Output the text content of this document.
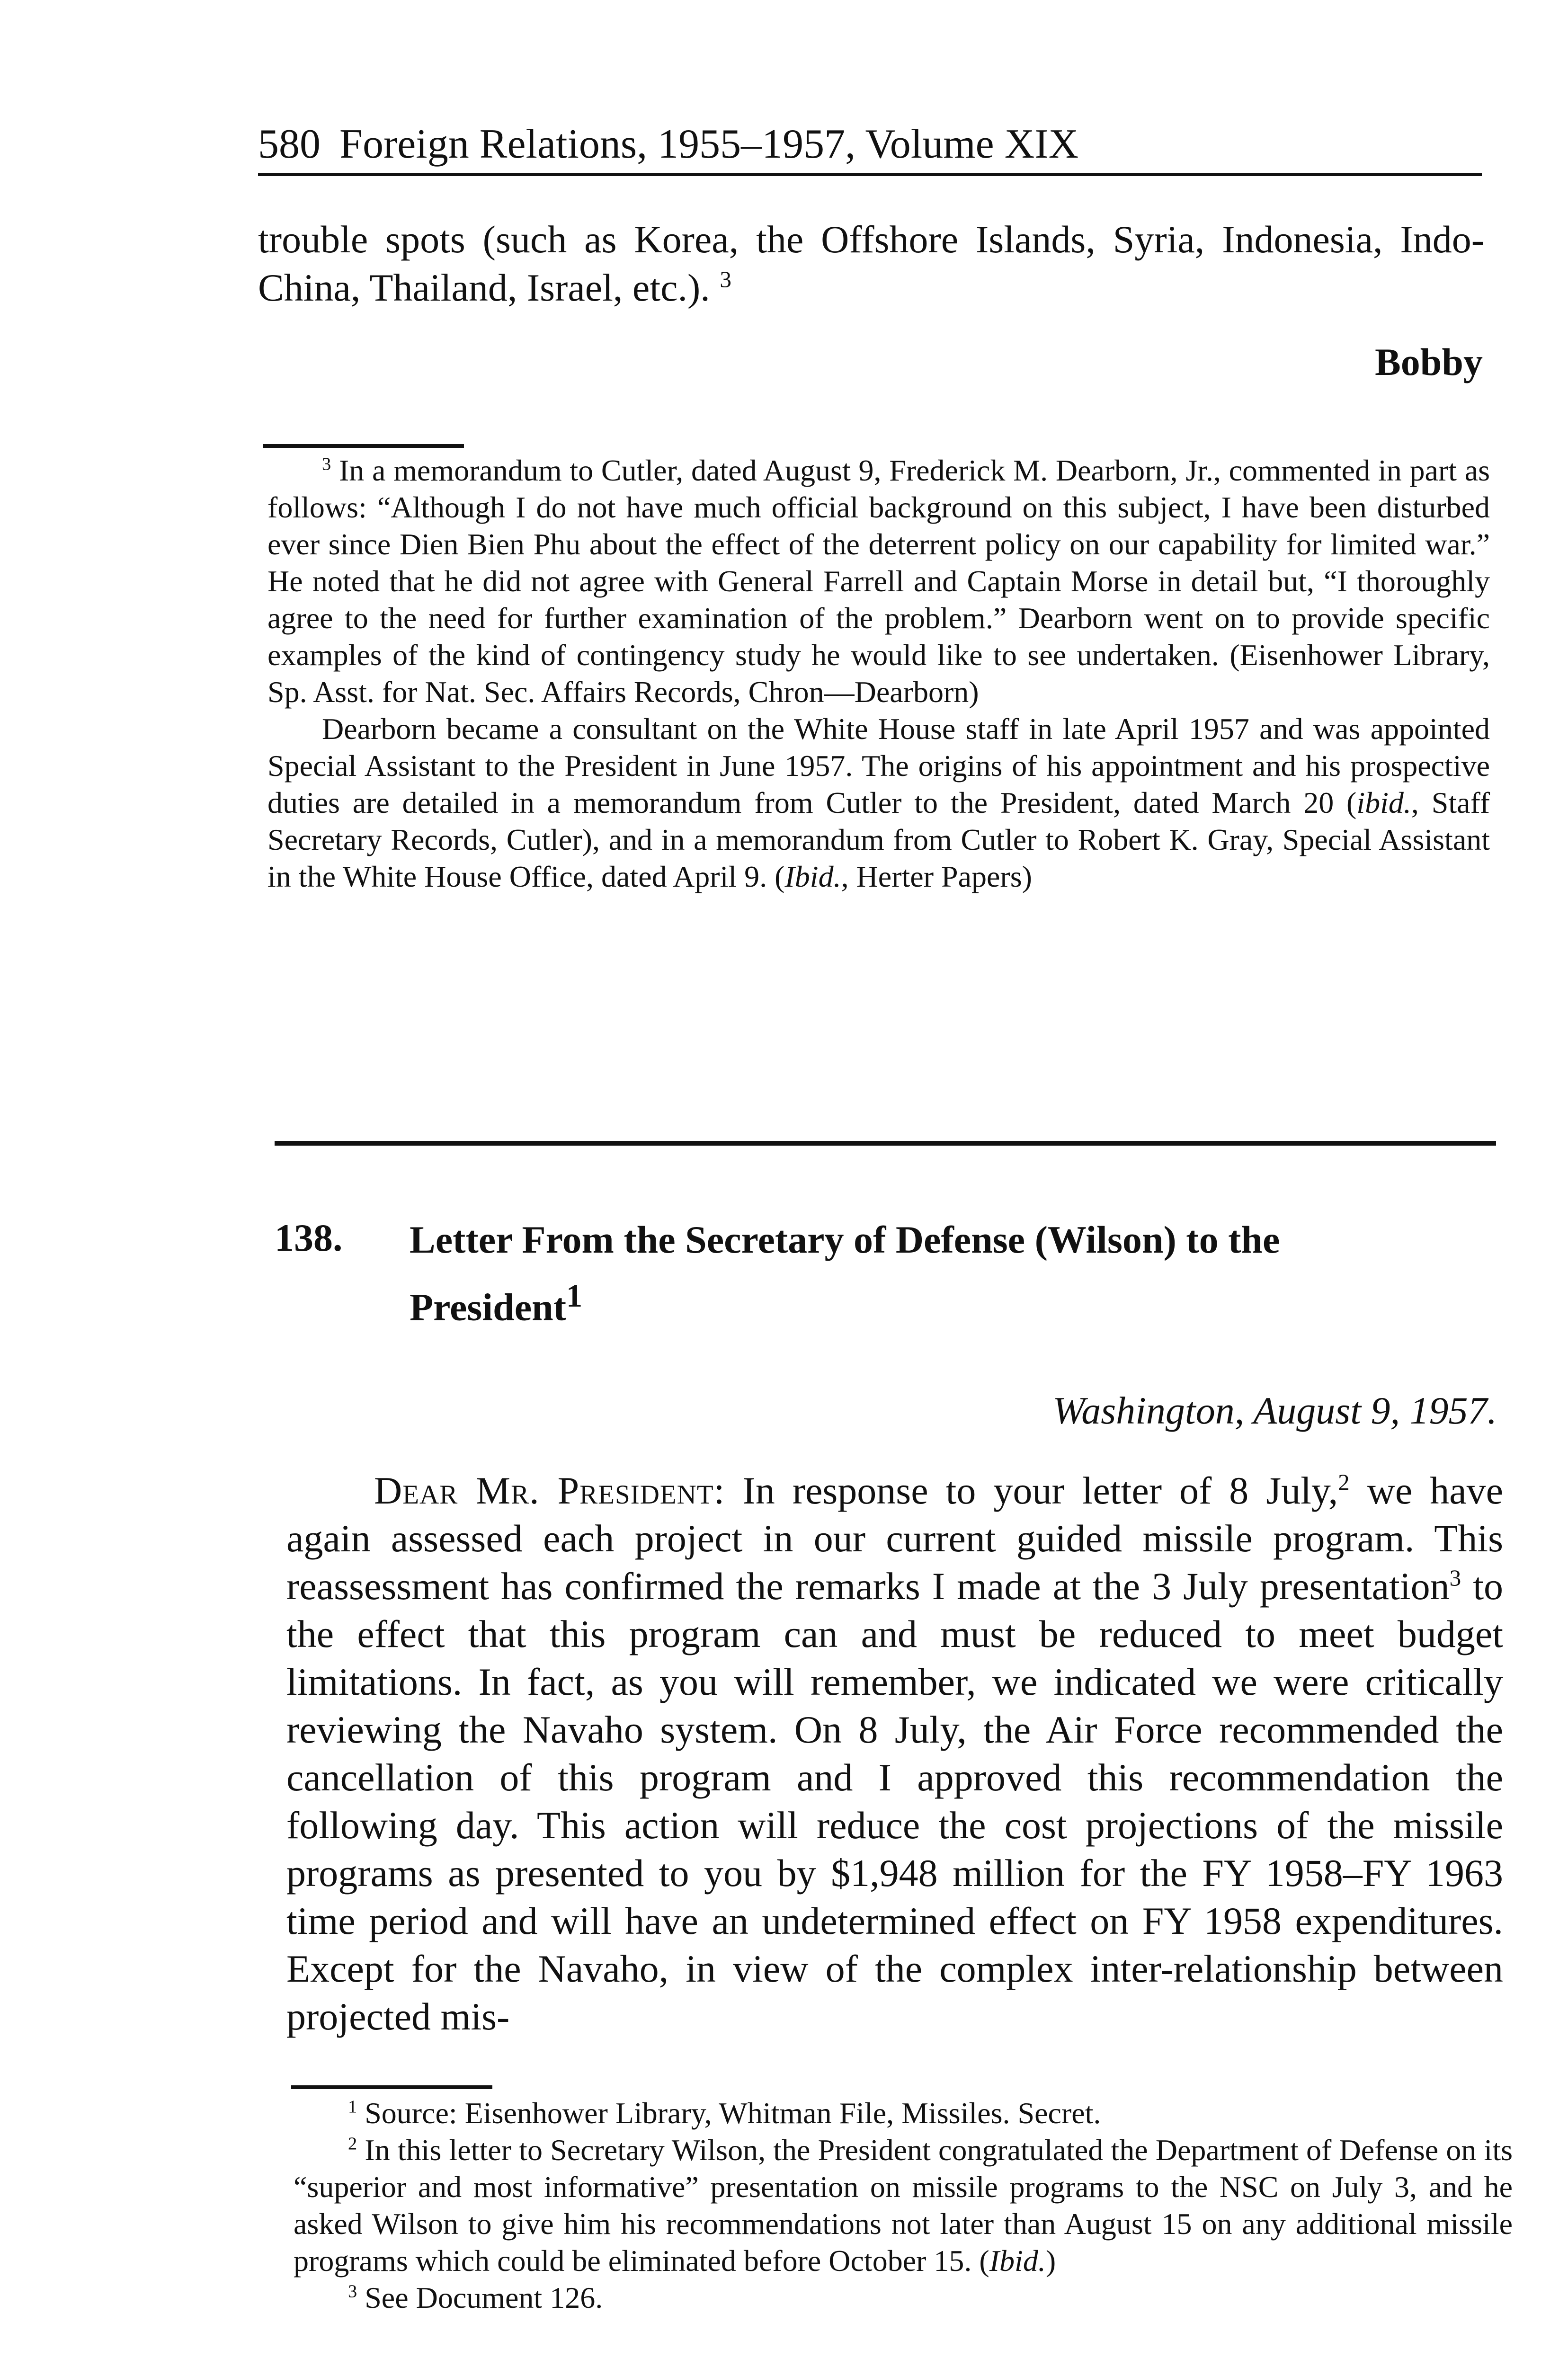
580 Foreign Relations, 1955–1957, Volume XIX
trouble spots (such as Korea, the Offshore Islands, Syria, Indonesia, Indo-China, Thailand, Israel, etc.). $^3$
Bobby

$^3$ In a memorandum to Cutler, dated August 9, Frederick M. Dearborn, Jr., commented in part as follows: “Although I do not have much official background on this subject, I have been disturbed ever since Dien Bien Phu about the effect of the deterrent policy on our capability for limited war.” He noted that he did not agree with General Farrell and Captain Morse in detail but, “I thoroughly agree to the need for further examination of the problem.” Dearborn went on to provide specific examples of the kind of contingency study he would like to see undertaken. (Eisenhower Library, Sp. Asst. for Nat. Sec. Affairs Records, Chron—Dearborn)

Dearborn became a consultant on the White House staff in late April 1957 and was appointed Special Assistant to the President in June 1957. The origins of his appointment and his prospective duties are detailed in a memorandum from Cutler to the President, dated March 20 (ibid., Staff Secretary Records, Cutler), and in a memorandum from Cutler to Robert K. Gray, Special Assistant in the White House Office, dated April 9. (Ibid., Herter Papers)

138. Letter From the Secretary of Defense (Wilson) to the President$^1$
Washington, August 9, 1957.
Dear Mr. President: In response to your letter of 8 July,$^2$ we have again assessed each project in our current guided missile program. This reassessment has confirmed the remarks I made at the 3 July presentation$^3$ to the effect that this program can and must be reduced to meet budget limitations. In fact, as you will remember, we indicated we were critically reviewing the Navaho system. On 8 July, the Air Force recommended the cancellation of this program and I approved this recommendation the following day. This action will reduce the cost projections of the missile programs as presented to you by $1,948 million for the FY 1958–FY 1963 time period and will have an undetermined effect on FY 1958 expenditures. Except for the Navaho, in view of the complex inter-relationship between projected mis-

$^1$ Source: Eisenhower Library, Whitman File, Missiles. Secret.

$^2$ In this letter to Secretary Wilson, the President congratulated the Department of Defense on its “superior and most informative” presentation on missile programs to the NSC on July 3, and he asked Wilson to give him his recommendations not later than August 15 on any additional missile programs which could be eliminated before October 15. (Ibid.)

$^3$ See Document 126.
